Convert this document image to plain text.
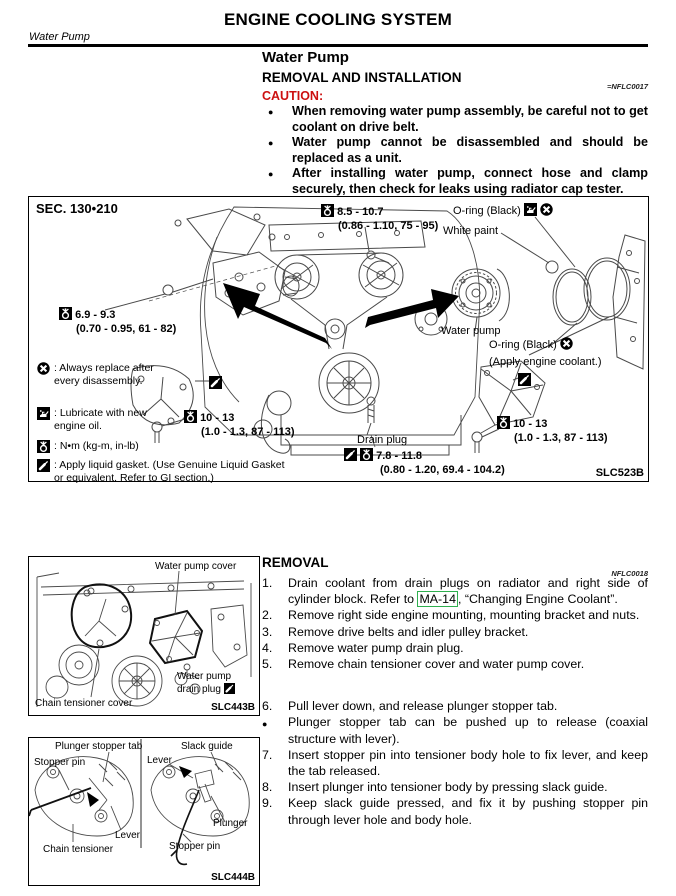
ENGINE COOLING SYSTEM
Water Pump
Water Pump
REMOVAL AND INSTALLATION
=NFLC0017
CAUTION:
●	When removing water pump assembly, be careful not to get coolant on drive belt.
●	Water pump cannot be disassembled and should be replaced as a unit.
●	After installing water pump, connect hose and clamp securely, then check for leaks using radiator cap tester.
SEC. 130•210
6.9 - 9.3
(0.70 - 0.95, 61 - 82)
8.5 - 10.7
(0.86 - 1.10, 75 - 95)
O-ring (Black)
White paint
Water pump
O-ring (Black)
(Apply engine coolant.)
10 - 13
(1.0 - 1.3, 87 - 113)
10 - 13
(1.0 - 1.3, 87 - 113)
Drain plug
7.8 - 11.8
(0.80 - 1.20, 69.4 - 104.2)
: Always replace after every disassembly.
: Lubricate with new engine oil.
: N•m (kg-m, in-lb)
: Apply liquid gasket. (Use Genuine Liquid Gasket or equivalent. Refer to GI section.)	SLC523B
Water pump cover
Water pump
drain plug
Chain tensioner cover	SLC443B
Plunger stopper tab
Stopper pin
Lever
Chain tensioner
Slack guide
Lever
Plunger
Stopper pin
SLC444B
REMOVAL
NFLC0018
1.	Drain coolant from drain plugs on radiator and right side of cylinder block. Refer to MA-14 , “Changing Engine Coolant”.
2.	Remove right side engine mounting, mounting bracket and nuts.
3.	Remove drive belts and idler pulley bracket.
4.	Remove water pump drain plug.
5.	Remove chain tensioner cover and water pump cover.
6.	Pull lever down, and release plunger stopper tab.
●	Plunger stopper tab can be pushed up to release (coaxial structure with lever).
7.	Insert stopper pin into tensioner body hole to fix lever, and keep the tab released.
8.	Insert plunger into tensioner body by pressing slack guide.
9.	Keep slack guide pressed, and fix it by pushing stopper pin through lever hole and body hole.
